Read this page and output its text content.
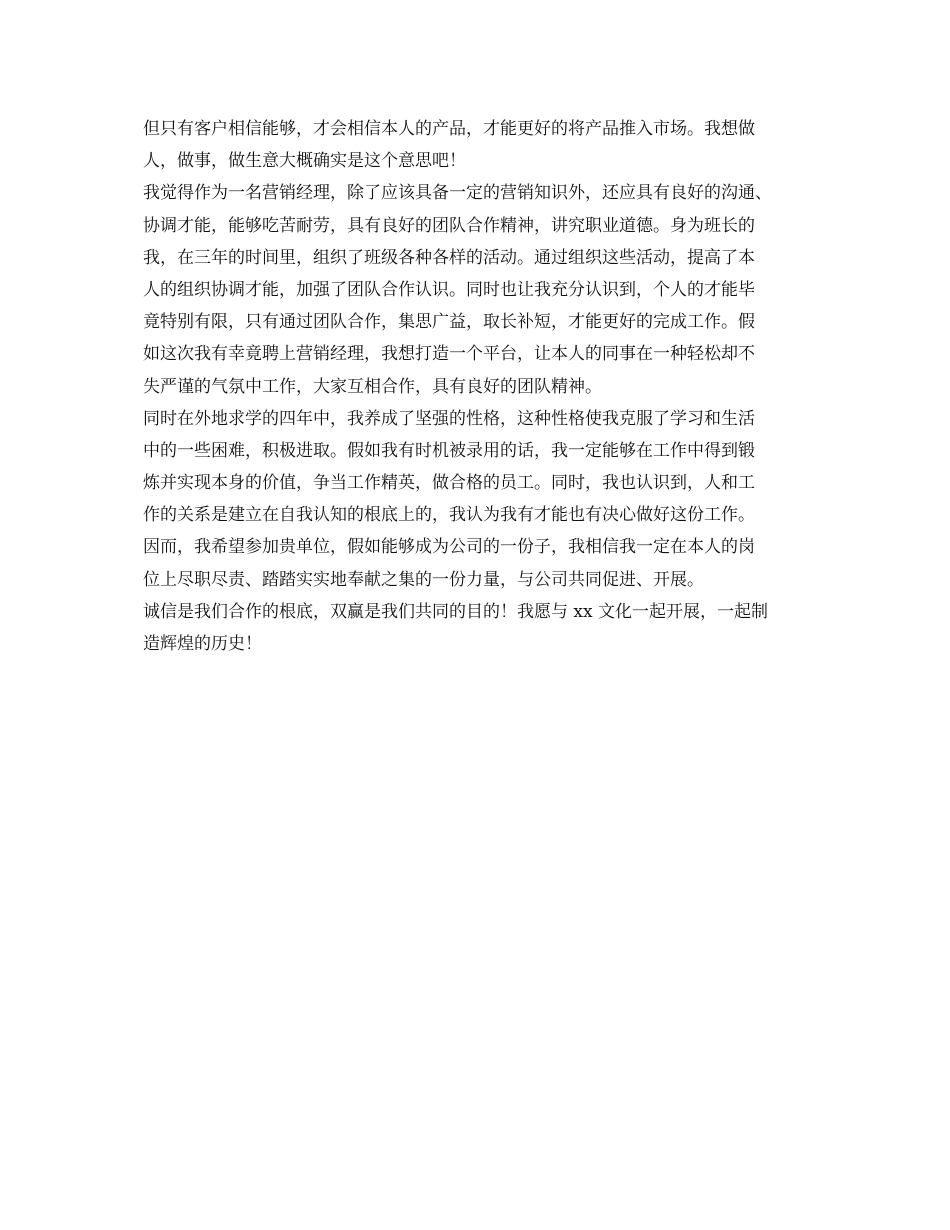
但只有客户相信能够，才会相信本人的产品，才能更好的将产品推入市场。我想做
人，做事，做生意大概确实是这个意思吧！
我觉得作为一名营销经理，除了应该具备一定的营销知识外，还应具有良好的沟通、
协调才能，能够吃苦耐劳，具有良好的团队合作精神，讲究职业道德。身为班长的
我，在三年的时间里，组织了班级各种各样的活动。通过组织这些活动，提高了本
人的组织协调才能，加强了团队合作认识。同时也让我充分认识到，个人的才能毕
竟特别有限，只有通过团队合作，集思广益，取长补短，才能更好的完成工作。假
如这次我有幸竟聘上营销经理，我想打造一个平台，让本人的同事在一种轻松却不
失严谨的气氛中工作，大家互相合作，具有良好的团队精神。
同时在外地求学的四年中，我养成了坚强的性格，这种性格使我克服了学习和生活
中的一些困难，积极进取。假如我有时机被录用的话，我一定能够在工作中得到锻
炼并实现本身的价值，争当工作精英，做合格的员工。同时，我也认识到，人和工
作的关系是建立在自我认知的根底上的，我认为我有才能也有决心做好这份工作。
因而，我希望参加贵单位，假如能够成为公司的一份子，我相信我一定在本人的岗
位上尽职尽责、踏踏实实地奉献之集的一份力量，与公司共同促进、开展。
诚信是我们合作的根底，双赢是我们共同的目的！我愿与 xx 文化一起开展，一起制
造辉煌的历史！
